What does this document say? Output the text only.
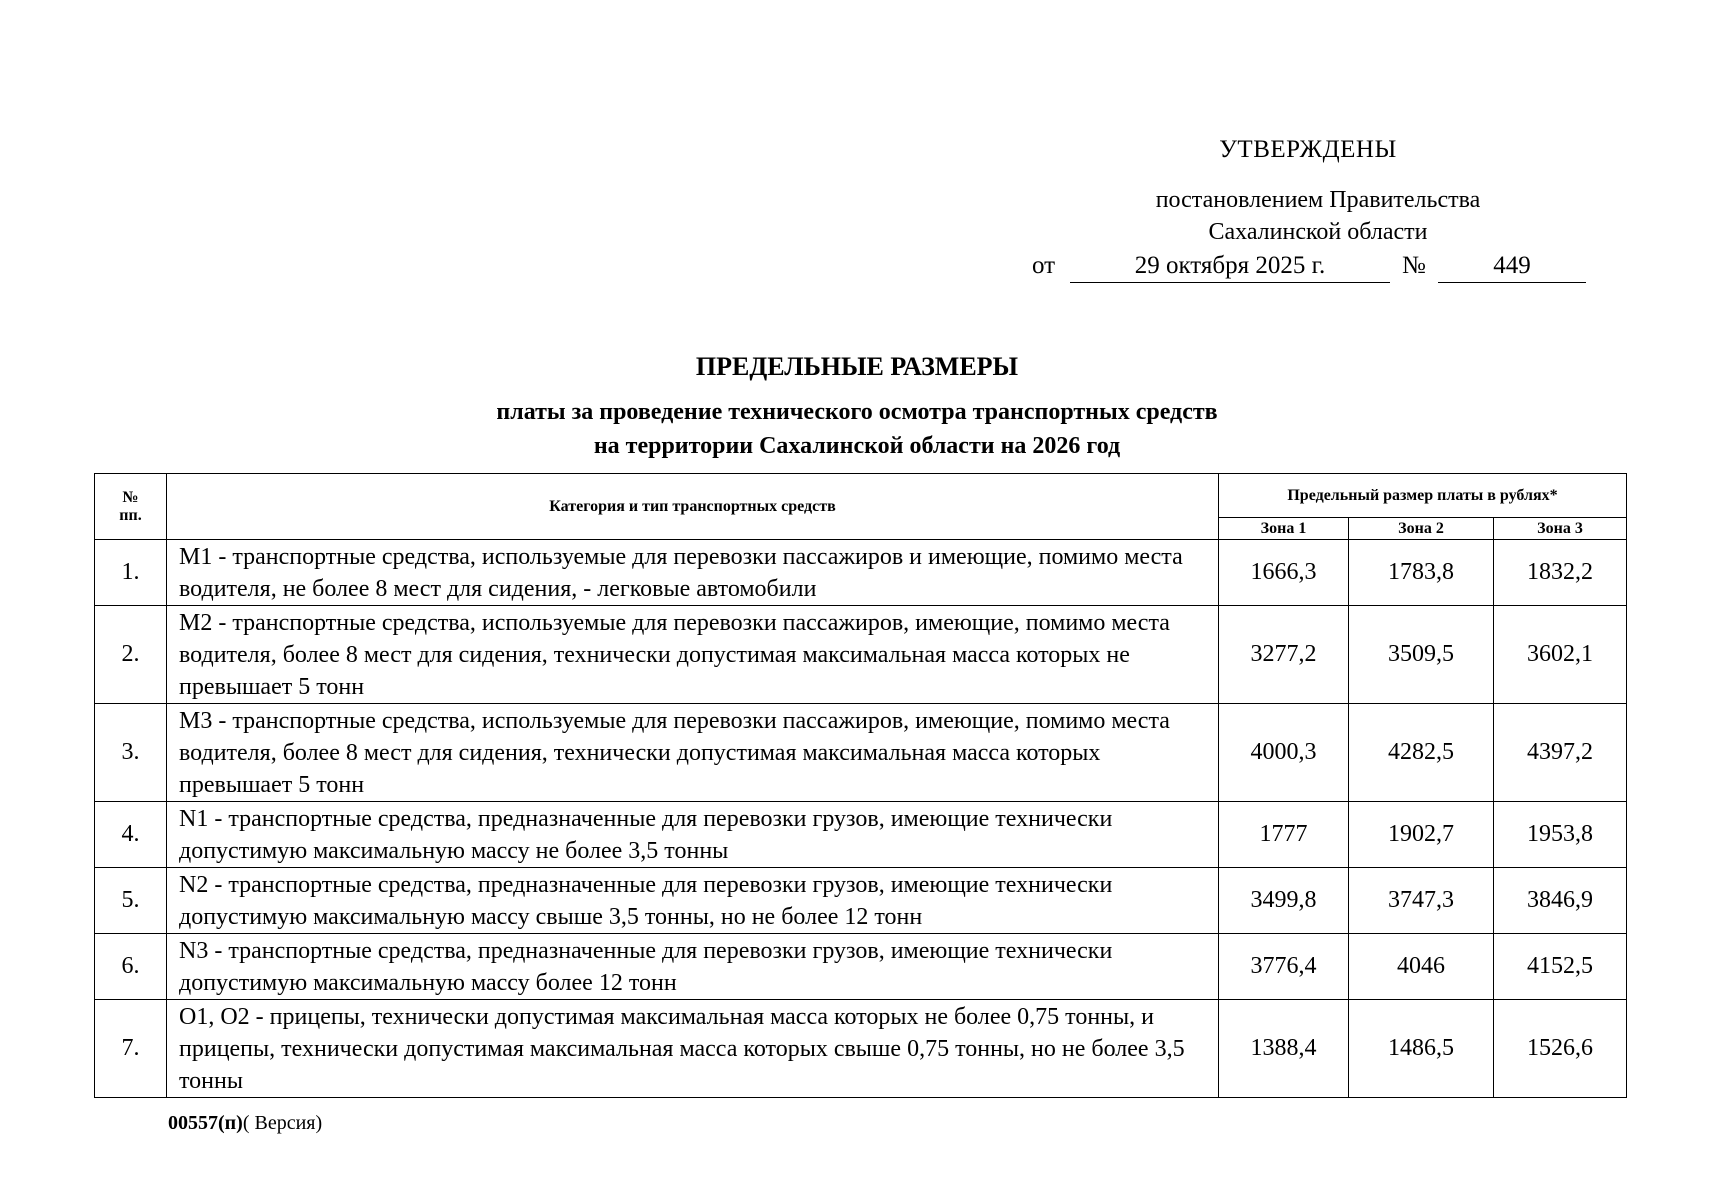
УТВЕРЖДЕНЫ
постановлением Правительства
Сахалинской области
от	29 октября 2025 г.	№	449
ПРЕДЕЛЬНЫЕ РАЗМЕРЫ
платы за проведение технического осмотра транспортных средств
на территории Сахалинской области на 2026 год
№ пп.	Категория и тип транспортных средств	Предельный размер платы в рублях*		
		Зона 1	Зона 2	Зона 3
1.	М1 - транспортные средства, используемые для перевозки пассажиров и имеющие, помимо места водителя, не более 8 мест для сидения, - легковые автомобили	1666,3	1783,8	1832,2
2.	М2 - транспортные средства, используемые для перевозки пассажиров, имеющие, помимо места водителя, более 8 мест для сидения, технически допустимая максимальная масса которых не превышает 5 тонн	3277,2	3509,5	3602,1
3.	М3 - транспортные средства, используемые для перевозки пассажиров, имеющие, помимо места водителя, более 8 мест для сидения, технически допустимая максимальная масса которых превышает 5 тонн	4000,3	4282,5	4397,2
4.	N1 - транспортные средства, предназначенные для перевозки грузов, имеющие технически допустимую максимальную массу не более 3,5 тонны	1777	1902,7	1953,8
5.	N2 - транспортные средства, предназначенные для перевозки грузов, имеющие технически допустимую максимальную массу свыше 3,5 тонны, но не более 12 тонн	3499,8	3747,3	3846,9
6.	N3 - транспортные средства, предназначенные для перевозки грузов, имеющие технически допустимую максимальную массу более 12 тонн	3776,4	4046	4152,5
7.	O1, O2 - прицепы, технически допустимая максимальная масса которых не более 0,75 тонны, и прицепы, технически допустимая максимальная масса которых свыше 0,75 тонны, но не более 3,5 тонны	1388,4	1486,5	1526,6
00557(п)( Версия)
